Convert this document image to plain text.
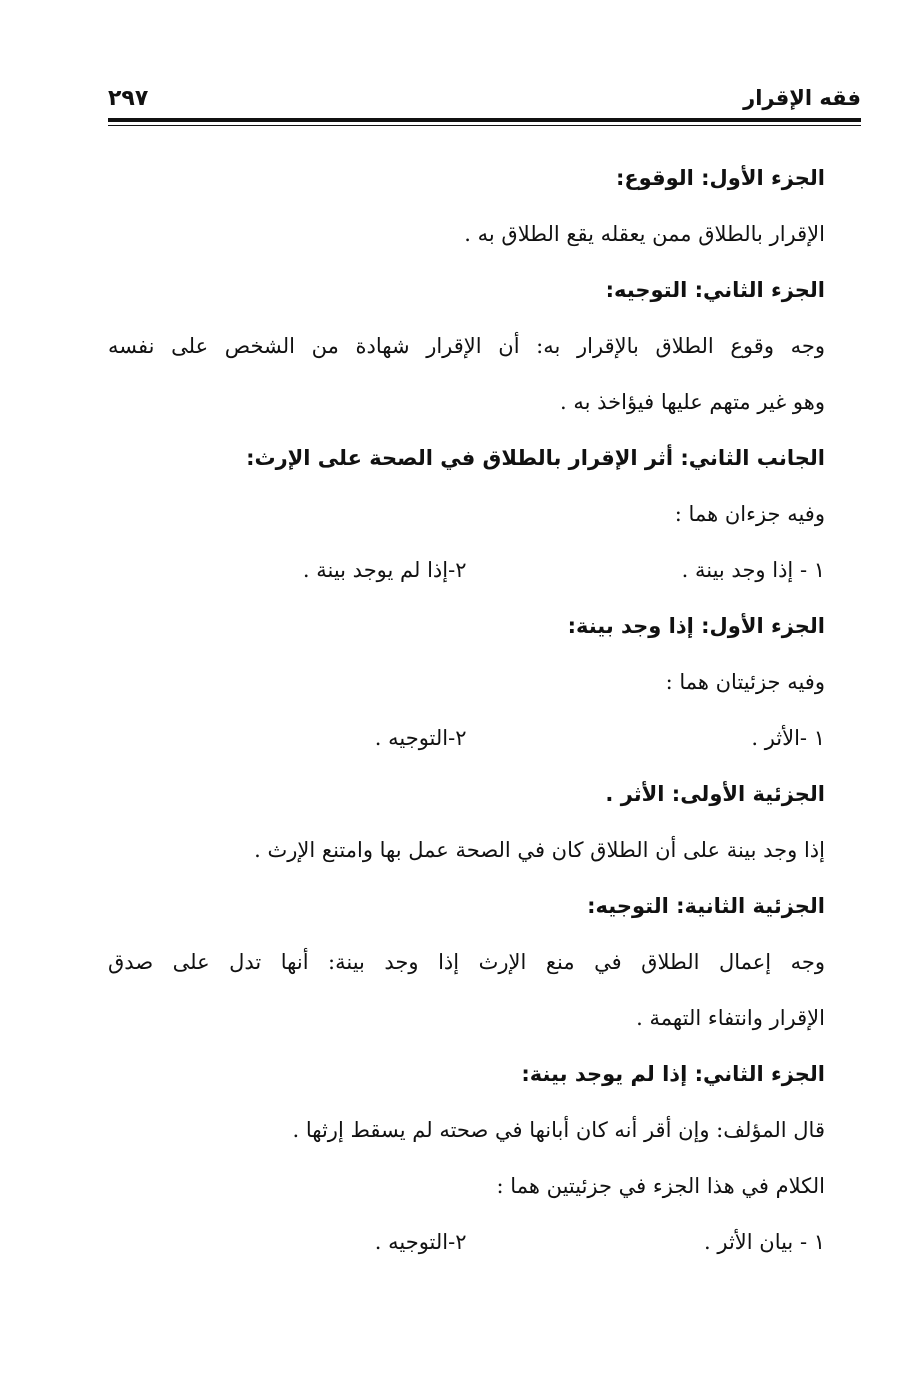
٢٩٧	فقه الإقرار
الجزء الأول: الوقوع:
الإقرار بالطلاق ممن يعقله يقع الطلاق به .
الجزء الثاني: التوجيه:
وجه وقوع الطلاق بالإقرار به: أن الإقرار شهادة من الشخص على نفسه
وهو غير متهم عليها فيؤاخذ به .
الجانب الثاني: أثر الإقرار بالطلاق في الصحة على الإرث:
وفيه جزءان هما :
١ - إذا وجد بينة .
٢-إذا لم يوجد بينة .
الجزء الأول: إذا وجد بينة:
وفيه جزئيتان هما :
١ -الأثر .
٢-التوجيه .
الجزئية الأولى: الأثر .
إذا وجد بينة على أن الطلاق كان في الصحة عمل بها وامتنع الإرث .
الجزئية الثانية: التوجيه:
وجه إعمال الطلاق في منع الإرث إذا وجد بينة: أنها تدل على صدق
الإقرار وانتفاء التهمة .
الجزء الثاني: إذا لم يوجد بينة:
قال المؤلف: وإن أقر أنه كان أبانها في صحته لم يسقط إرثها .
الكلام في هذا الجزء في جزئيتين هما :
١ - بيان الأثر .
٢-التوجيه .
